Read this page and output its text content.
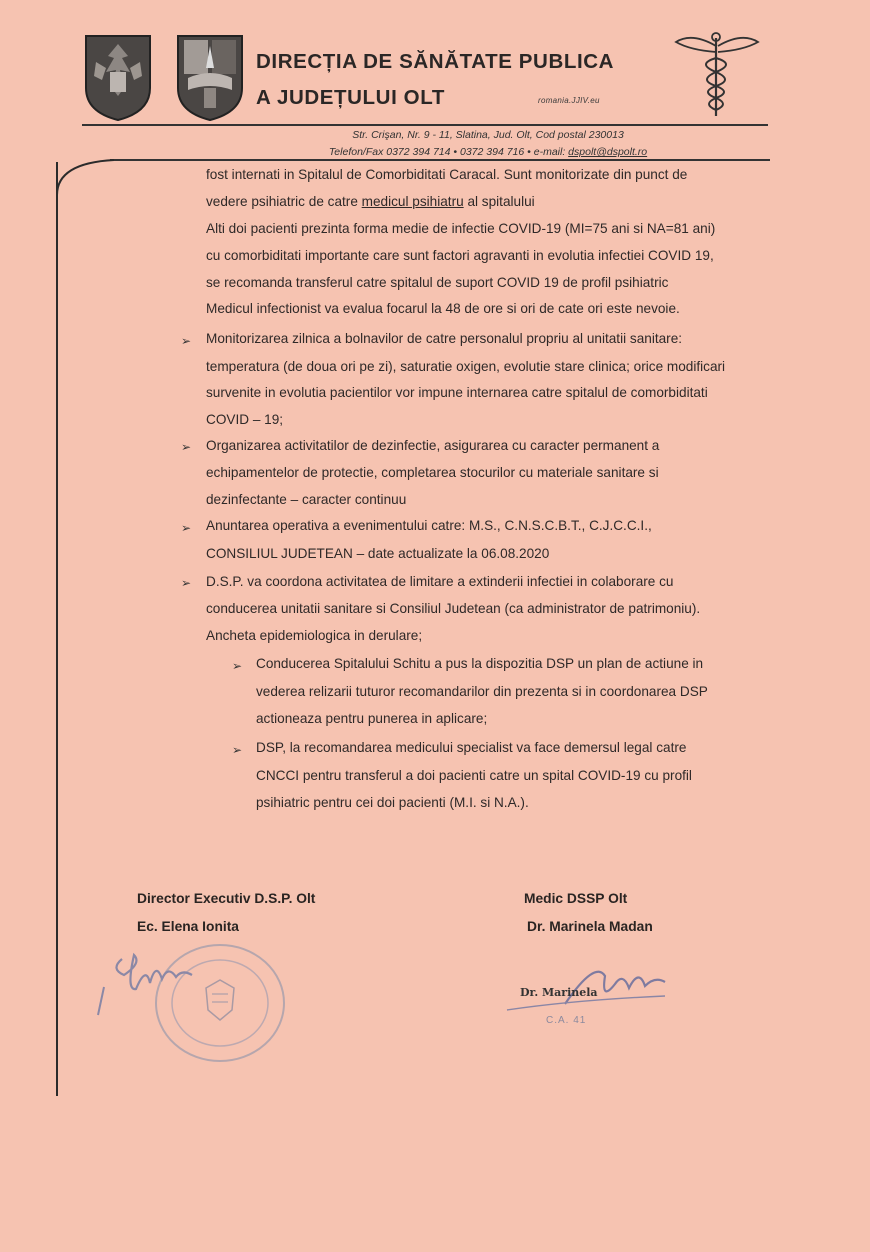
DIRECȚIA DE SĂNĂTATE PUBLICA
A JUDEȚULUI OLT	romania.JJIV.eu
Str. Crişan, Nr. 9 - 11, Slatina, Jud. Olt, Cod postal 230013
Telefon/Fax 0372 394 714 • 0372 394 716 • e-mail: dspolt@dspolt.ro
fost internati in Spitalul de Comorbiditati Caracal. Sunt monitorizate din punct de
vedere psihiatric de catre medicul psihiatru al spitalului
Alti doi pacienti prezinta forma medie de infectie COVID-19 (MI=75 ani si NA=81 ani)
cu comorbiditati importante care sunt factori agravanti in evolutia infectiei COVID 19,
se recomanda transferul catre spitalul de suport COVID 19 de profil psihiatric
Medicul infectionist va evalua focarul la 48 de ore si ori de cate ori este nevoie.
➢ Monitorizarea zilnica a bolnavilor de catre personalul propriu al unitatii sanitare:
temperatura (de doua ori pe zi), saturatie oxigen, evolutie stare clinica; orice modificari
survenite in evolutia pacientilor vor impune internarea catre spitalul de comorbiditati
COVID – 19;
➢ Organizarea activitatilor de dezinfectie, asigurarea cu caracter permanent a
echipamentelor de protectie, completarea stocurilor cu materiale sanitare si
dezinfectante – caracter continuu
➢ Anuntarea operativa a evenimentului catre: M.S., C.N.S.C.B.T., C.J.C.C.I.,
CONSILIUL JUDETEAN – date actualizate la 06.08.2020
➢ D.S.P. va coordona activitatea de limitare a extinderii infectiei in colaborare cu
conducerea unitatii sanitare si Consiliul Judetean (ca administrator de patrimoniu).
Ancheta epidemiologica in derulare;
➢ Conducerea Spitalului Schitu a pus la dispozitia DSP un plan de actiune in
vederea relizarii tuturor recomandarilor din prezenta si in coordonarea DSP
actioneaza pentru punerea in aplicare;
➢ DSP, la recomandarea medicului specialist va face demersul legal catre
CNCCI pentru transferul a doi pacienti catre un spital COVID-19 cu profil
psihiatric pentru cei doi pacienti (M.I. si N.A.).
Director Executiv D.S.P. Olt
Ec. Elena Ionita
Medic DSSP Olt
Dr. Marinela Madan
Dr. Marinela
C.A. 41
